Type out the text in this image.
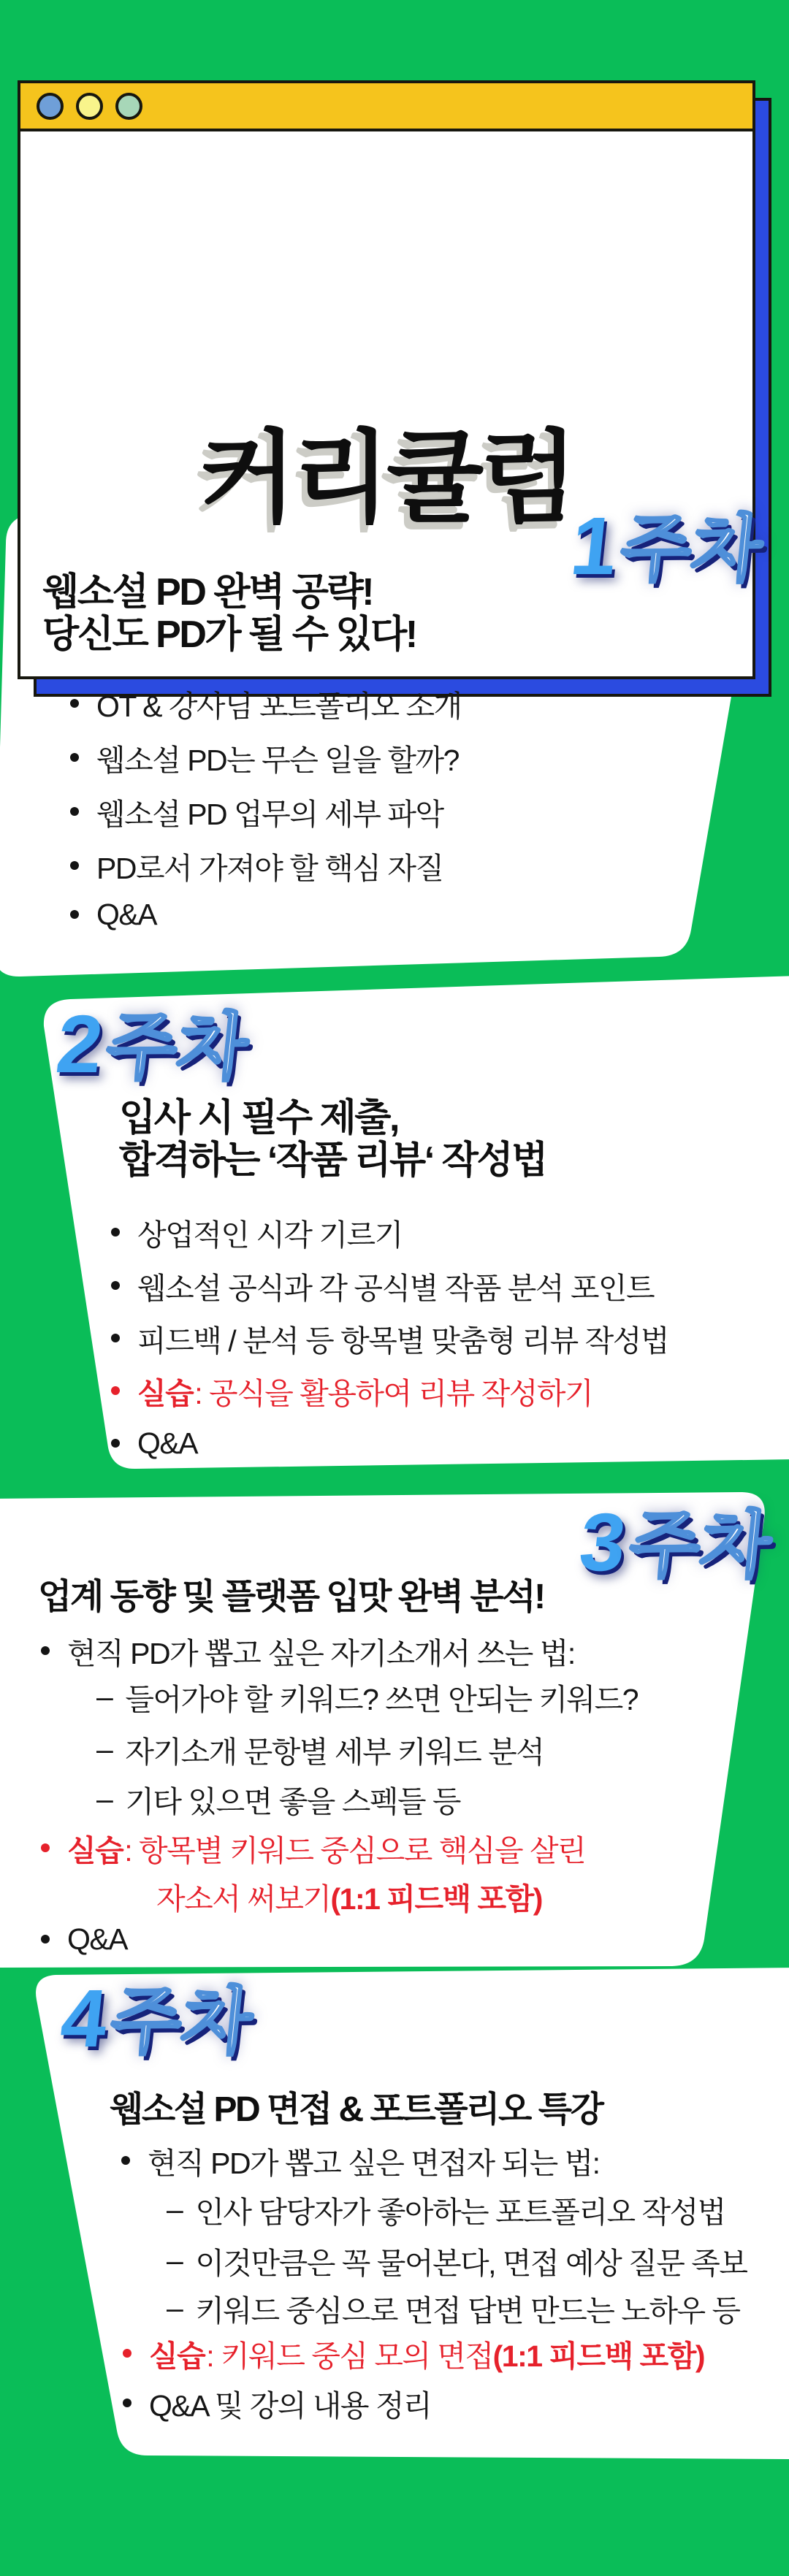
커리큘럼
1주차
웹소설 PD 완벽 공략!
당신도 PD가 될 수 있다!
OT & 강사님 포트폴리오 소개
웹소설 PD는 무슨 일을 할까?
웹소설 PD 업무의 세부 파악
PD로서 가져야 할 핵심 자질
Q&A
2주차
입사 시 필수 제출,
합격하는 ‘작품 리뷰‘ 작성법
상업적인 시각 기르기
웹소설 공식과 각 공식별 작품 분석 포인트
피드백 / 분석 등 항목별 맞춤형 리뷰 작성법
실습 : 공식을 활용하여 리뷰 작성하기
Q&A
3주차
업계 동향 및 플랫폼 입맛 완벽 분석!
현직 PD가 뽑고 싶은 자기소개서 쓰는 법:
– 들어가야 할 키워드? 쓰면 안되는 키워드?
– 자기소개 문항별 세부 키워드 분석
– 기타 있으면 좋을 스펙들 등
실습 : 항목별 키워드 중심으로 핵심을 살린
자소서 써보기 (1:1 피드백 포함)
Q&A
4주차
웹소설 PD 면접 & 포트폴리오 특강
현직 PD가 뽑고 싶은 면접자 되는 법:
– 인사 담당자가 좋아하는 포트폴리오 작성법
– 이것만큼은 꼭 물어본다, 면접 예상 질문 족보
– 키워드 중심으로 면접 답변 만드는 노하우 등
실습 : 키워드 중심 모의 면접 (1:1 피드백 포함)
Q&A 및 강의 내용 정리
